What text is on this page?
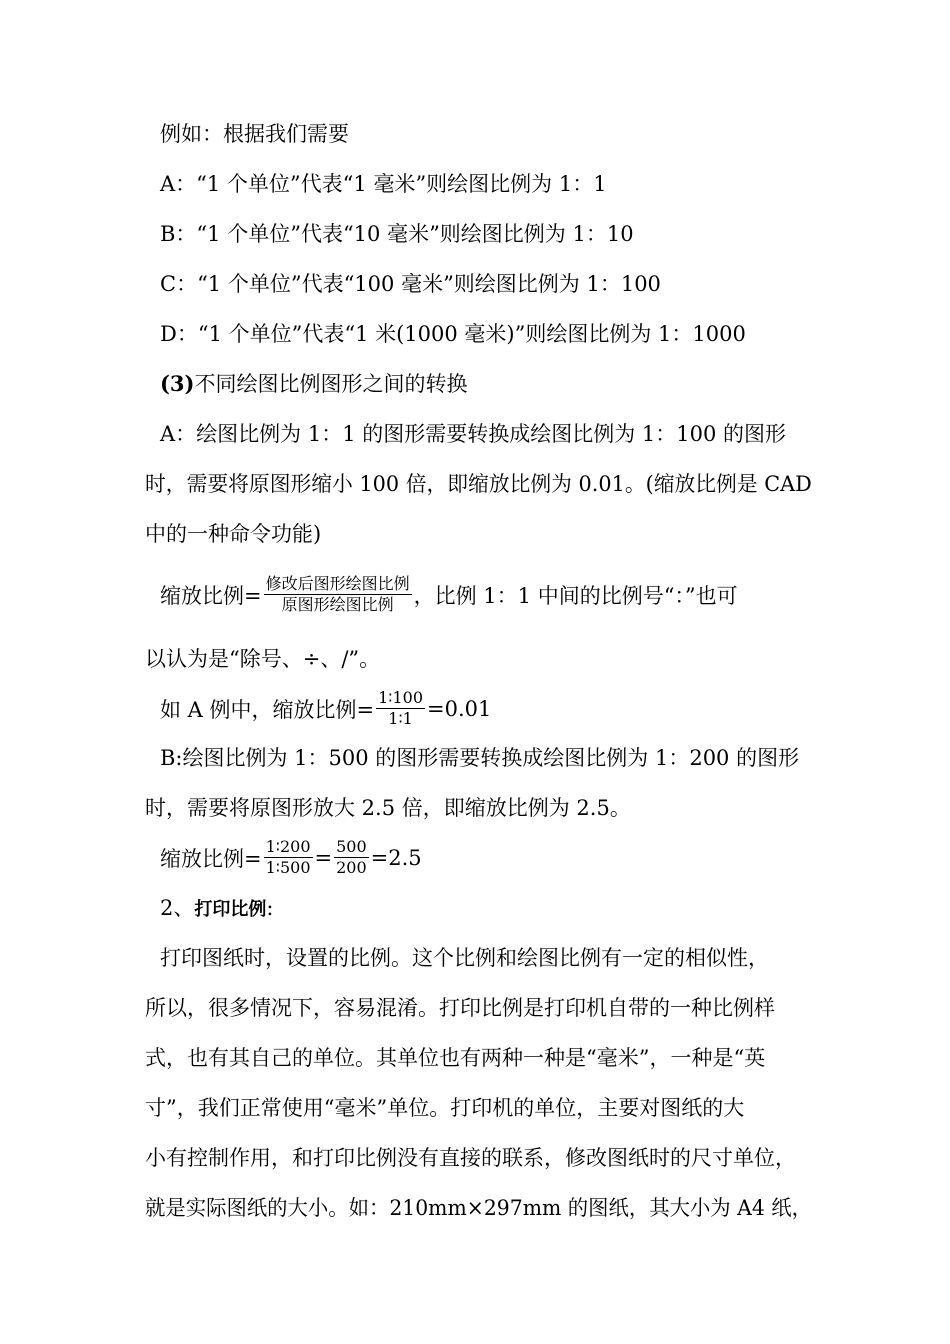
例如：根据我们需要
A：“1 个单位”代表“1 毫米”则绘图比例为 1：1
B：“1 个单位”代表“10 毫米”则绘图比例为 1：10
C：“1 个单位”代表“100 毫米”则绘图比例为 1：100
D：“1 个单位”代表“1 米(1000 毫米)”则绘图比例为 1：1000
(3)不同绘图比例图形之间的转换
A：绘图比例为 1：1 的图形需要转换成绘图比例为 1：100 的图形
时，需要将原图形缩小 100 倍，即缩放比例为 0.01。(缩放比例是 CAD
中的一种命令功能)
缩放比例= $\frac{\text{修改后图形绘图比例}}{\text{原图形绘图比例}}$ ，比例 1：1 中间的比例号“：”也可
以认为是“除号、÷、/”。
如 A 例中，缩放比例= $\frac{1∶100}{1∶1} =0.01$
B:绘图比例为 1：500 的图形需要转换成绘图比例为 1：200 的图形
时，需要将原图形放大 2.5 倍，即缩放比例为 2.5。
缩放比例= $\frac{1∶200}{1∶500} = \frac{500}{200} =2.5$
2、打印比例:
打印图纸时，设置的比例。这个比例和绘图比例有一定的相似性，
所以，很多情况下，容易混淆。打印比例是打印机自带的一种比例样
式，也有其自己的单位。其单位也有两种一种是“毫米”，一种是“英
寸”，我们正常使用“毫米”单位。打印机的单位，主要对图纸的大
小有控制作用，和打印比例没有直接的联系，修改图纸时的尺寸单位，
就是实际图纸的大小。如：210mm×297mm 的图纸，其大小为 A4 纸，
